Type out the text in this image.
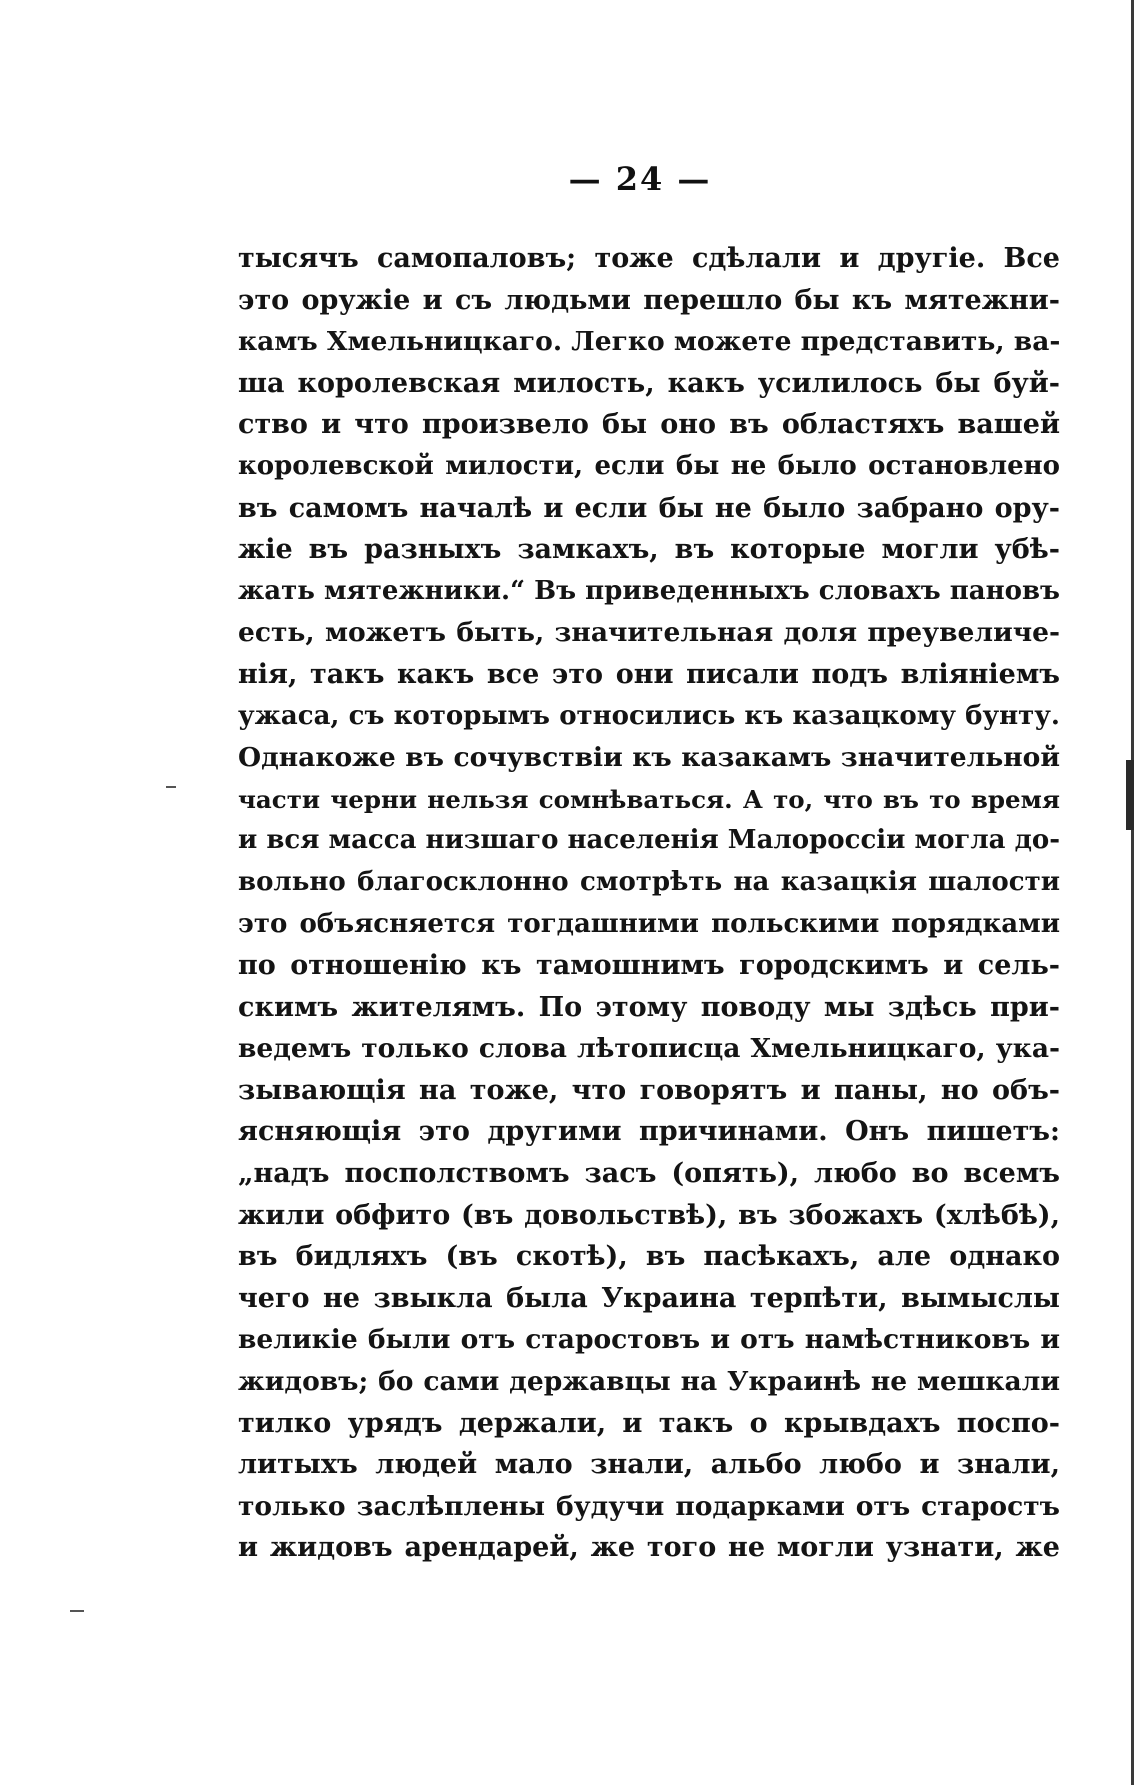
— 24 —
тысячъ самопаловъ; тоже сдѣлали и другіе. Все
это оружіе и съ людьми перешло бы къ мятежни-
камъ Хмельницкаго. Легко можете представить, ва-
ша королевская милость, какъ усилилось бы буй-
ство и что произвело бы оно въ областяхъ вашей
королевской милости, если бы не было остановлено
въ самомъ началѣ и если бы не было забрано ору-
жіе въ разныхъ замкахъ, въ которые могли убѣ-
жать мятежники.“ Въ приведенныхъ словахъ пановъ
есть, можетъ быть, значительная доля преувеличе-
нія, такъ какъ все это они писали подъ вліяніемъ
ужаса, съ которымъ относились къ казацкому бунту.
Однакоже въ сочувствіи къ казакамъ значительной
части черни нельзя сомнѣваться. А то, что въ то время
и вся масса низшаго населенія Малороссіи могла до-
вольно благосклонно смотрѣть на казацкія шалости
это объясняется тогдашними польскими порядками
по отношенію къ тамошнимъ городскимъ и сель-
скимъ жителямъ. По этому поводу мы здѣсь при-
ведемъ только слова лѣтописца Хмельницкаго, ука-
зывающія на тоже, что говорятъ и паны, но объ-
ясняющія это другими причинами. Онъ пишетъ:
„надъ посполствомъ засъ (опять), любо во всемъ
жили обфито (въ довольствѣ), въ збожахъ (хлѣбѣ),
въ бидляхъ (въ скотѣ), въ пасѣкахъ, але однако
чего не звыкла была Украина терпѣти, вымыслы
великіе были отъ старостовъ и отъ намѣстниковъ и
жидовъ; бо сами державцы на Украинѣ не мешкали
тилко урядъ держали, и такъ о крывдахъ поспо-
литыхъ людей мало знали, альбо любо и знали,
только заслѣплены будучи подарками отъ старостъ
и жидовъ арендарей, же того не могли узнати, же
